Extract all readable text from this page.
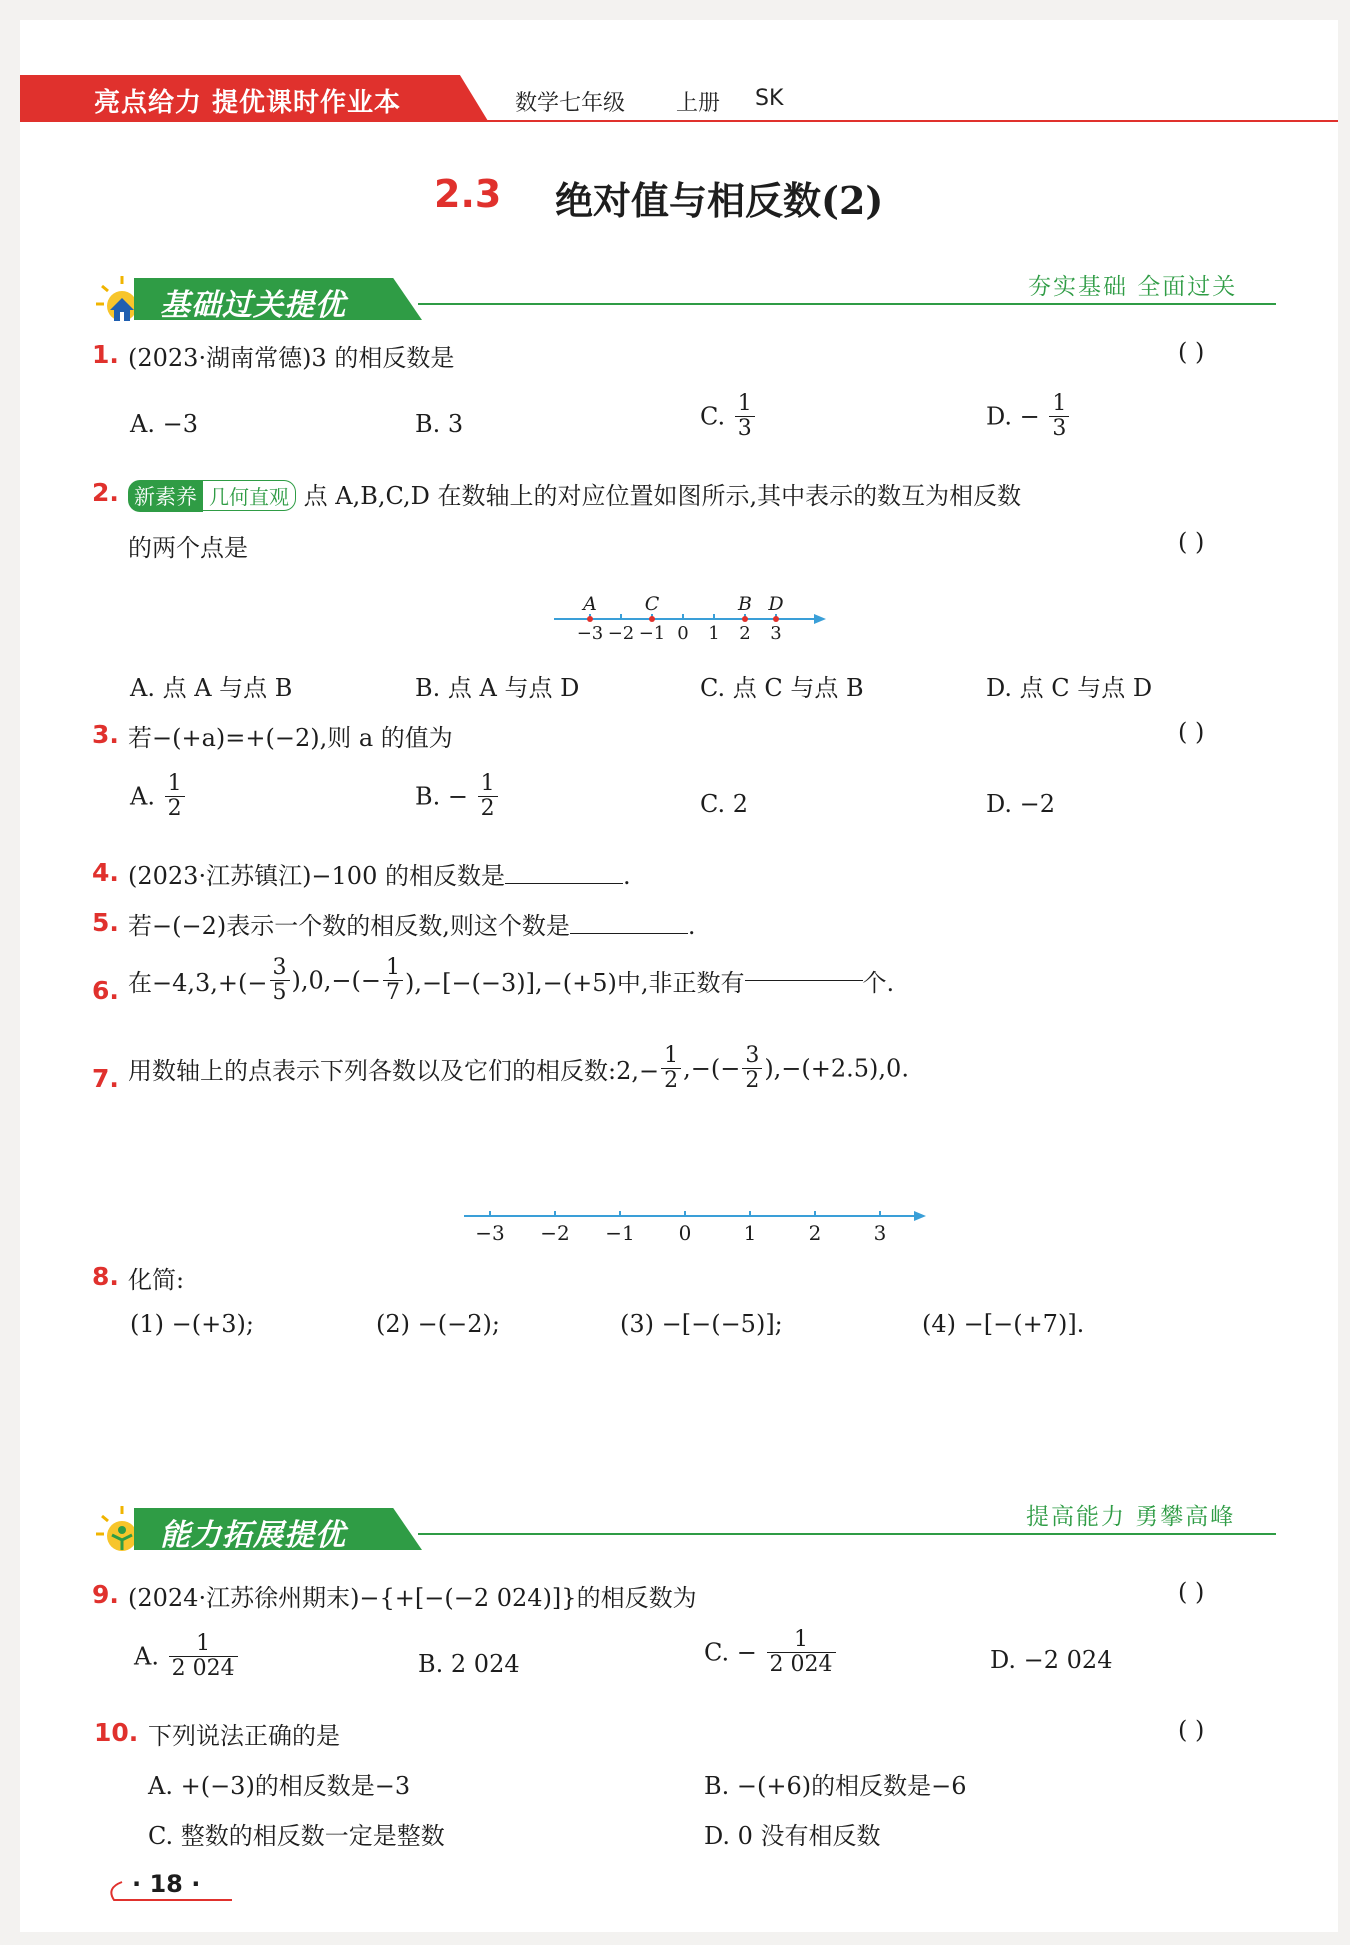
亮点给力 提优课时作业本	数学七年级 上册 SK
2.3 绝对值与相反数(2)
基础过关提优
夯实基础 全面过关
1. (2023·湖南常德)3 的相反数是	( )
A. −3	B. 3	C. $\frac{1}{3}$	D. − $\frac{1}{3}$
2. 新素养 几何直观 点 A,B,C,D 在数轴上的对应位置如图所示,其中表示的数互为相反数
的两个点是	( )
−3 −2 −1 0 1 2 3
A	C	B D
A. 点 A 与点 B	B. 点 A 与点 D	C. 点 C 与点 B	D. 点 C 与点 D
3. 若−(+a)=+(−2),则 a 的值为	( )
A. $\frac{1}{2}$	B. − $\frac{1}{2}$	C. 2	D. −2
4. (2023·江苏镇江)−100 的相反数是	.
5. 若−(−2)表示一个数的相反数,则这个数是	.
6. 在$-4,3,+(- \frac{3}{5} ),0,-(- \frac{1}{7} ),-[-(-3)],-(+5)$中,非正数有	个.
7. 用数轴上的点表示下列各数以及它们的相反数:2,− $\frac{1}{2}$ ,−(− $\frac{3}{2} ),-(+2.5),0$.
−3 −2 −1 0	1	2	3
8. 化简:
(1) −(+3);	(2) −(−2);	(3) −[−(−5)];	(4) −[−(+7)].
能力拓展提优
提高能力 勇攀高峰
9. (2024·江苏徐州期末)−{+[−(−2 024)]}的相反数为	( )
A. $\frac{1}{2 024}$	B. 2 024	C. − $\frac{1}{2 024}$	D. −2 024
10. 下列说法正确的是	( )
A. +(−3)的相反数是−3	B. −(+6)的相反数是−6
C. 整数的相反数一定是整数	D. 0 没有相反数
· 18 ·
